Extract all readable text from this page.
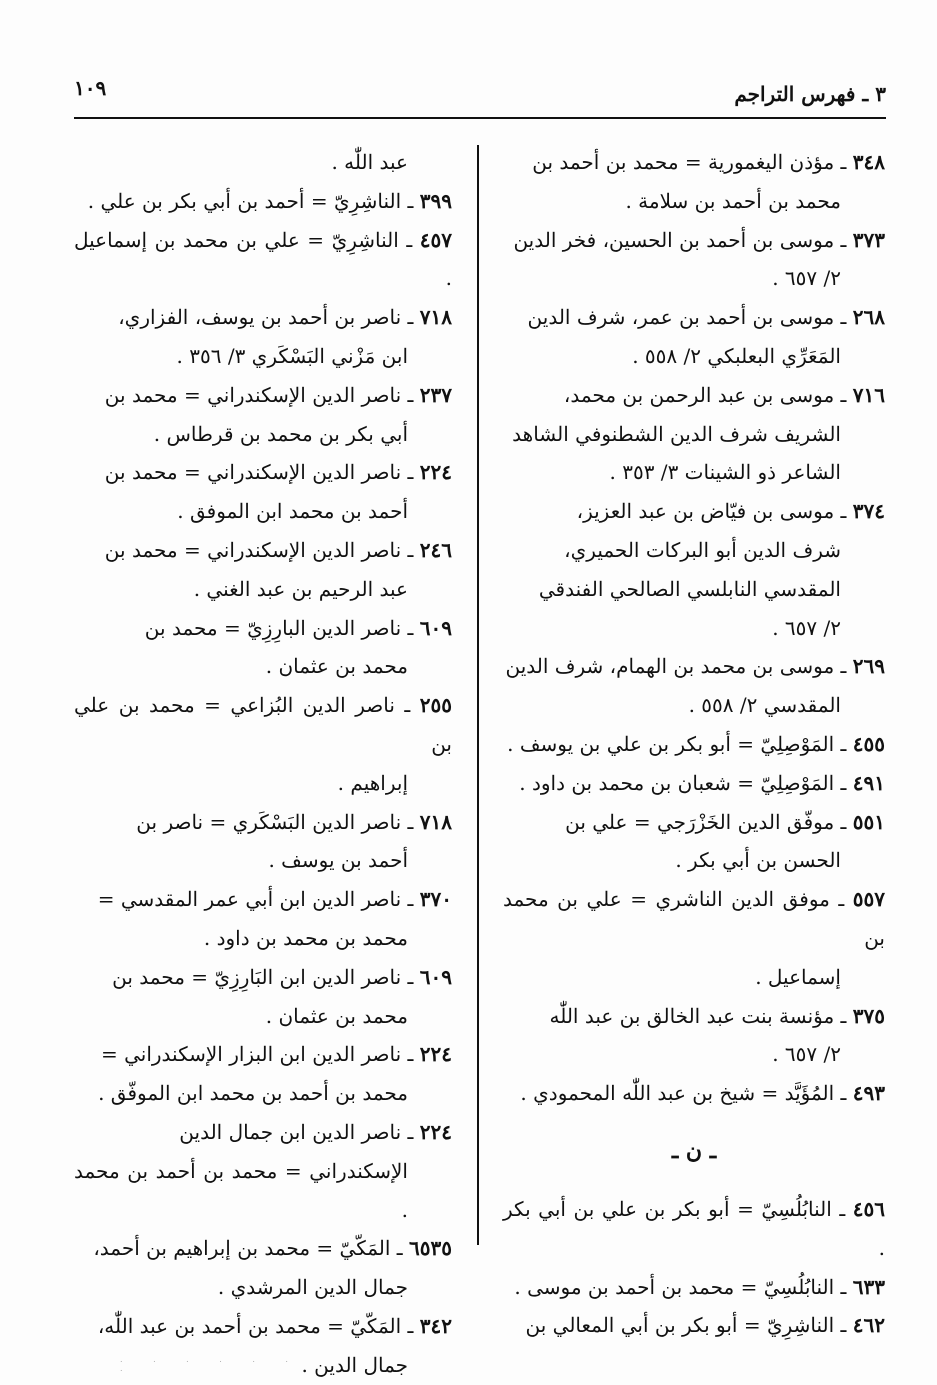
٣ ـ فهرس التراجم
١٠٩

٣٤٨ ـ مؤذن اليغمورية = محمد بن أحمد بن
محمد بن أحمد بن سلامة .

٣٧٣ ـ موسى بن أحمد بن الحسين، فخر الدين
٢/ ٦٥٧ .

٢٦٨ ـ موسى بن أحمد بن عمر، شرف الدين
المَعَرِّي البعلبكي ٢/ ٥٥٨ .

٧١٦ ـ موسى بن عبد الرحمن بن محمد،
الشريف شرف الدين الشطنوفي الشاهد
الشاعر ذو الشينات ٣/ ٣٥٣ .

٣٧٤ ـ موسى بن فيّاض بن عبد العزيز،
شرف الدين أبو البركات الحميري،
المقدسي النابلسي الصالحي الفندقي
٢/ ٦٥٧ .

٢٦٩ ـ موسى بن محمد بن الهمام، شرف الدين
المقدسي ٢/ ٥٥٨ .

٤٥٥ ـ المَوْصِلِيّ = أبو بكر بن علي بن يوسف .

٤٩١ ـ المَوْصِلِيّ = شعبان بن محمد بن داود .

٥٥١ ـ موفّق الدين الخَزْرَجي = علي بن
الحسن بن أبي بكر .

٥٥٧ ـ موفق الدين الناشري = علي بن محمد بن
إسماعيل .

٣٧٥ ـ مؤنسة بنت عبد الخالق بن عبد اللّٰه
٢/ ٦٥٧ .

٤٩٣ ـ المُؤَيَّد = شيخ بن عبد اللّٰه المحمودي .

ـ ن ـ

٤٥٦ ـ النابُلُسِيّ = أبو بكر بن علي بن أبي بكر .

٦٣٣ ـ النابُلُسِيّ = محمد بن أحمد بن موسى .

٤٦٢ ـ الناشِرِيّ = أبو بكر بن أبي المعالي بن

عبد اللّٰه .

٣٩٩ ـ الناشِرِيّ = أحمد بن أبي بكر بن علي .

٤٥٧ ـ الناشِرِيّ = علي بن محمد بن إسماعيل .

٧١٨ ـ ناصر بن أحمد بن يوسف، الفزاري،
ابن مَزْني البَسْكَري ٣/ ٣٥٦ .

٢٣٧ ـ ناصر الدين الإسكندراني = محمد بن
أبي بكر بن محمد بن قرطاس .

٢٢٤ ـ ناصر الدين الإسكندراني = محمد بن
أحمد بن محمد ابن الموفق .

٢٤٦ ـ ناصر الدين الإسكندراني = محمد بن
عبد الرحيم بن عبد الغني .

٦٠٩ ـ ناصر الدين البارِزِيّ = محمد بن
محمد بن عثمان .

٢٥٥ ـ ناصر الدين البُزاعي = محمد بن علي بن
إبراهيم .

٧١٨ ـ ناصر الدين البَسْكَري = ناصر بن
أحمد بن يوسف .

٣٧٠ ـ ناصر الدين ابن أبي عمر المقدسي =
محمد بن محمد بن داود .

٦٠٩ ـ ناصر الدين ابن البَارِزِيّ = محمد بن
محمد بن عثمان .

٢٢٤ ـ ناصر الدين ابن البزار الإسكندراني =
محمد بن أحمد بن محمد ابن الموفّق .

٢٢٤ ـ ناصر الدين ابن جمال الدين
الإسكندراني = محمد بن أحمد بن محمد .

٦٥٣٥ ـ المَكّيّ = محمد بن إبراهيم بن أحمد،
جمال الدين المرشدي .

٣٤٢ ـ المَكّيّ = محمد بن أحمد بن عبد اللّٰه،
جمال الدين .

. . . . . . .
